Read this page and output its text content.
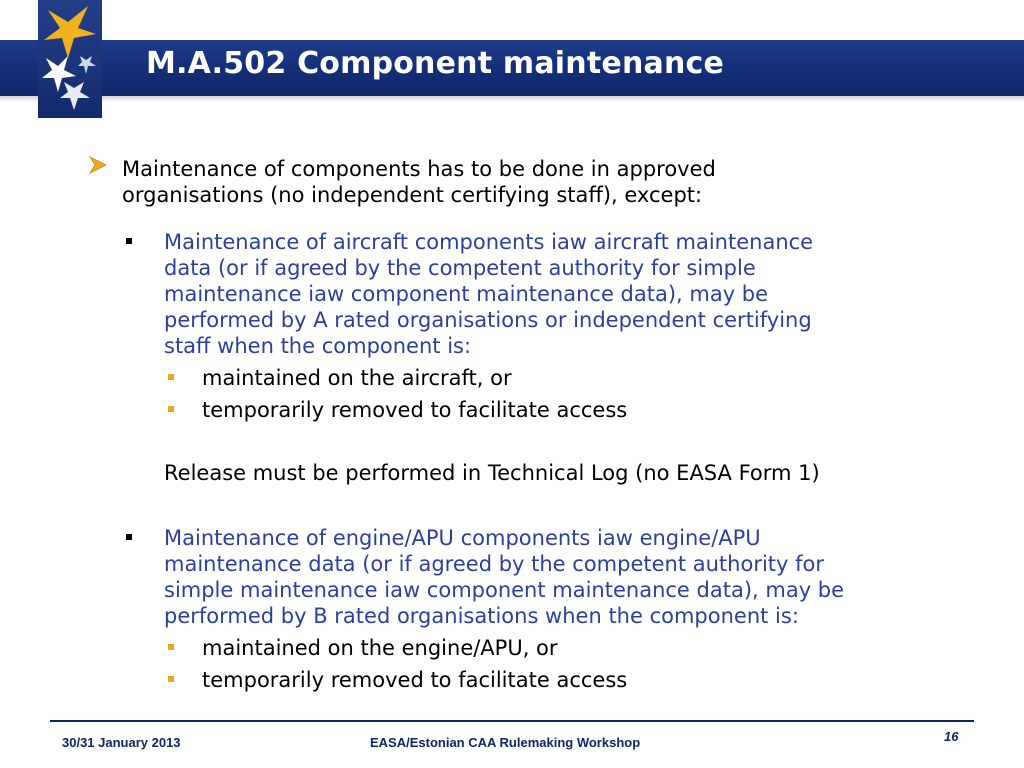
M.A.502 Component maintenance
Maintenance of components has to be done in approved
organisations (no independent certifying staff), except:
Maintenance of aircraft components iaw aircraft maintenance
data (or if agreed by the competent authority for simple
maintenance iaw component maintenance data), may be
performed by A rated organisations or independent certifying
staff when the component is:
maintained on the aircraft, or
temporarily removed to facilitate access
Release must be performed in Technical Log (no EASA Form 1)
Maintenance of engine/APU components iaw engine/APU
maintenance data (or if agreed by the competent authority for
simple maintenance iaw component maintenance data), may be
performed by B rated organisations when the component is:
maintained on the engine/APU, or
temporarily removed to facilitate access
30/31 January 2013	EASA/Estonian CAA Rulemaking Workshop	16
